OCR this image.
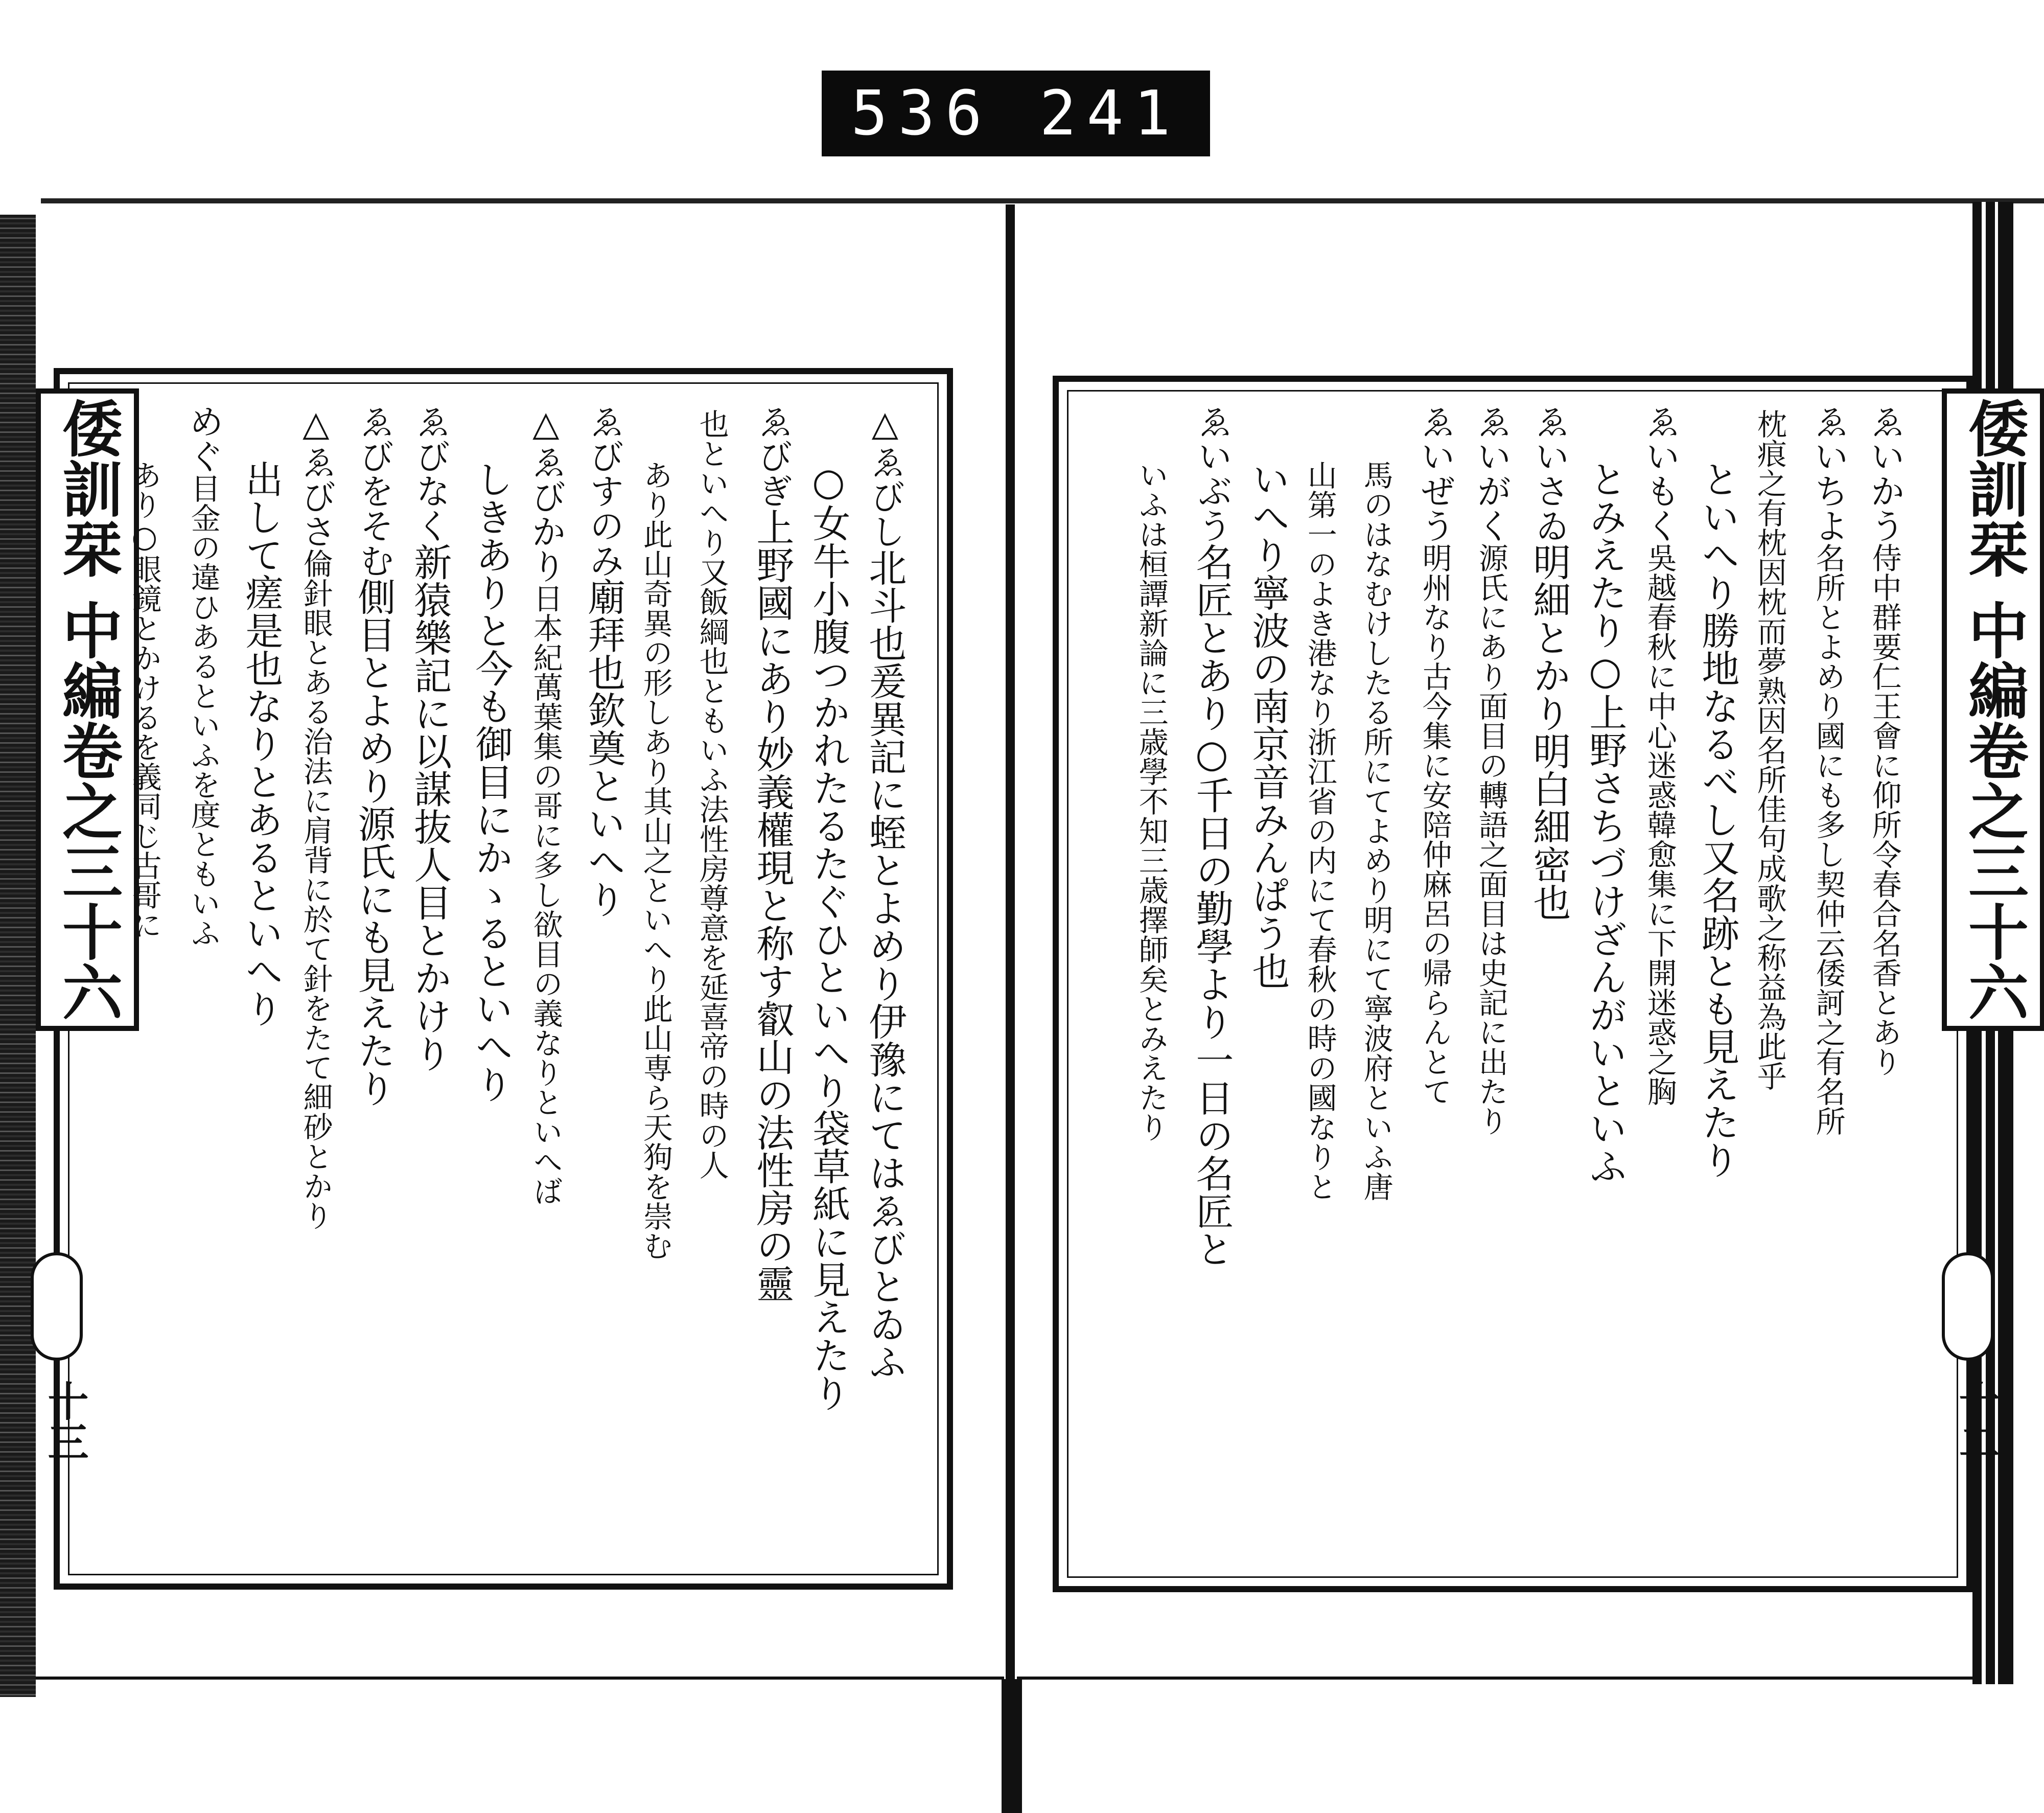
536 241
倭訓栞 中編卷之三十六
十三
△ゑびし北斗也爰異記に蛭とよめり伊豫にてはゑびとゐふ
○女牛小腹つかれたるたぐひといへり袋草紙に見えたり
ゑびぎ上野國にあり妙義權現と称す叡山の法性房の靈
也といへり又飯綱也ともいふ法性房尊意を延喜帝の時の人
あり此山奇異の形しあり其山之といへり此山専ら天狗を崇む
ゑびすのみ廟拜也欽奠といへり
△ゑびかり日本紀萬葉集の哥に多し欲目の義なりといへば
しきありと今も御目にかゝるといへり
ゑびなく新猿樂記に以謀抜人目とかけり
ゑびをそむ側目とよめり源氏にも見えたり
△ゑびさ倫針眼とある治法に肩背に於て針をたて細砂とかり
出して瘥是也なりとあるといへり
めぐ目金の違ひあるといふを度ともいふ
あり○眼鏡とかけるを義同じ古哥に	倭訓栞 中編卷之三十六
十二
ゑいかう侍中群要仁王會に仰所令春合名香とあり
ゑいちよ名所とよめり國にも多し契仲云倭訶之有名所
枕痕之有枕因枕而夢熟因名所佳句成歌之称益為此乎
といへり勝地なるべし又名跡とも見えたり
ゑいもく吳越春秋に中心迷惑韓愈集に下開迷惑之胸
とみえたり○上野さちづけざんがいといふ
ゑいさゐ明細とかり明白細密也
ゑいがく源氏にあり面目の轉語之面目は史記に出たり
ゑいぜう明州なり古今集に安陪仲麻呂の帰らんとて
馬のはなむけしたる所にてよめり明にて寧波府といふ唐
山第一のよき港なり浙江省の内にて春秋の時の國なりと
いへり寧波の南京音みんぱう也
ゑいぶう名匠とあり○千日の勤學より一日の名匠と
いふは桓譚新論に三歳學不知三歳擇師矣とみえたり
